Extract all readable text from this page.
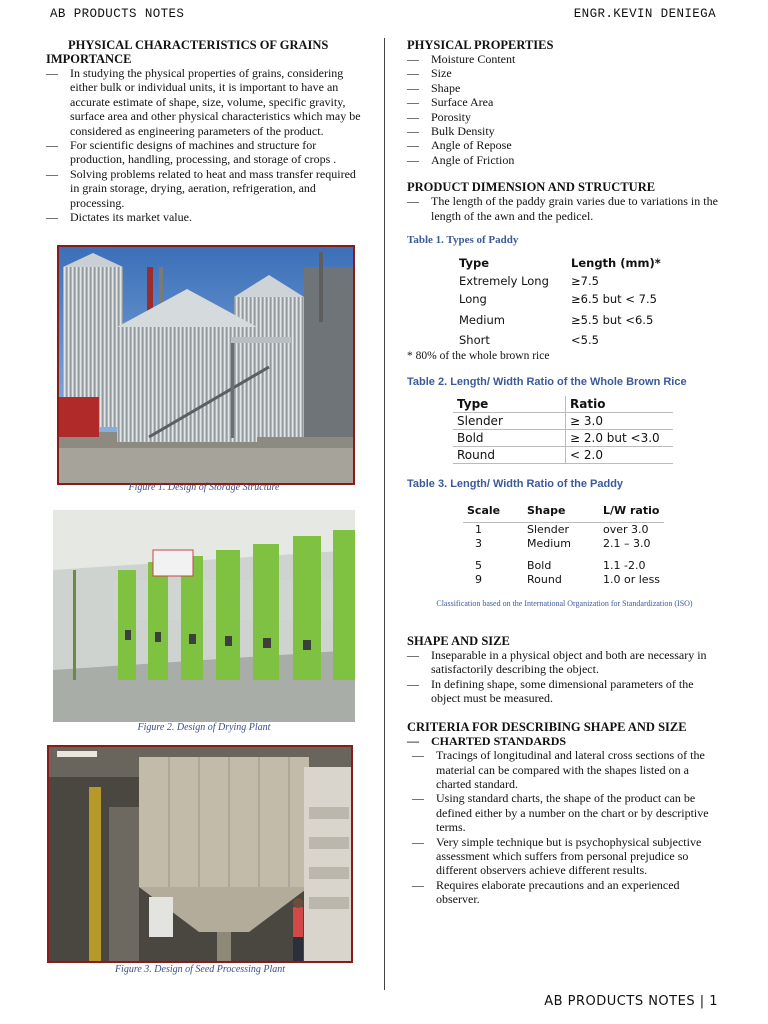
AB PRODUCTS NOTES	ENGR.KEVIN DENIEGA

PHYSICAL CHARACTERISTICS OF GRAINS
IMPORTANCE

— In studying the physical properties of grains, considering either bulk or individual units, it is important to have an accurate estimate of shape, size, volume, specific gravity, surface area and other physical characteristics which may be considered as engineering parameters of the product.
— For scientific designs of machines and structure for production, handling, processing, and storage of crops .
— Solving problems related to heat and mass transfer required in grain storage, drying, aeration, refrigeration, and processing.
— Dictates its market value.
Figure 1. Design of Storage Structure
Figure 2. Design of Drying Plant
Figure 3. Design of Seed Processing Plant

PHYSICAL PROPERTIES

— Moisture Content
— Size
— Shape
— Surface Area
— Porosity
— Bulk Density
— Angle of Repose
— Angle of Friction

PRODUCT DIMENSION AND STRUCTURE

— The length of the paddy grain varies due to variations in the length of the awn and the pedicel.

Table 1. Types of Paddy

Type	Length (mm)*
Extremely Long	≥7.5
Long	≥6.5 but < 7.5
Medium	≥5.5 but <6.5
Short	<5.5
* 80% of the whole brown rice

Table 2. Length/ Width Ratio of the Whole Brown Rice

Type	Ratio
Slender	≥ 3.0
Bold	≥ 2.0 but <3.0
Round	< 2.0

Table 3. Length/ Width Ratio of the Paddy

Scale	Shape	L/W ratio
1	Slender	over 3.0
3	Medium	2.1 – 3.0
5	Bold	1.1 -2.0
9	Round	1.0 or less
Classification based on the International Organization for Standardization (ISO)

SHAPE AND SIZE

— Inseparable in a physical object and both are necessary in satisfactorily describing the object.
— In defining shape, some dimensional parameters of the object must be measured.

CRITERIA FOR DESCRIBING SHAPE AND SIZE

— CHARTED STANDARDS
— Tracings of longitudinal and lateral cross sections of the material can be compared with the shapes listed on a charted standard.
— Using standard charts, the shape of the product can be defined either by a number on the chart or by descriptive terms.
— Very simple technique but is psychophysical subjective assessment which suffers from personal prejudice so different observers achieve different results.
— Requires elaborate precautions and an experienced observer.
AB PRODUCTS NOTES | 1
